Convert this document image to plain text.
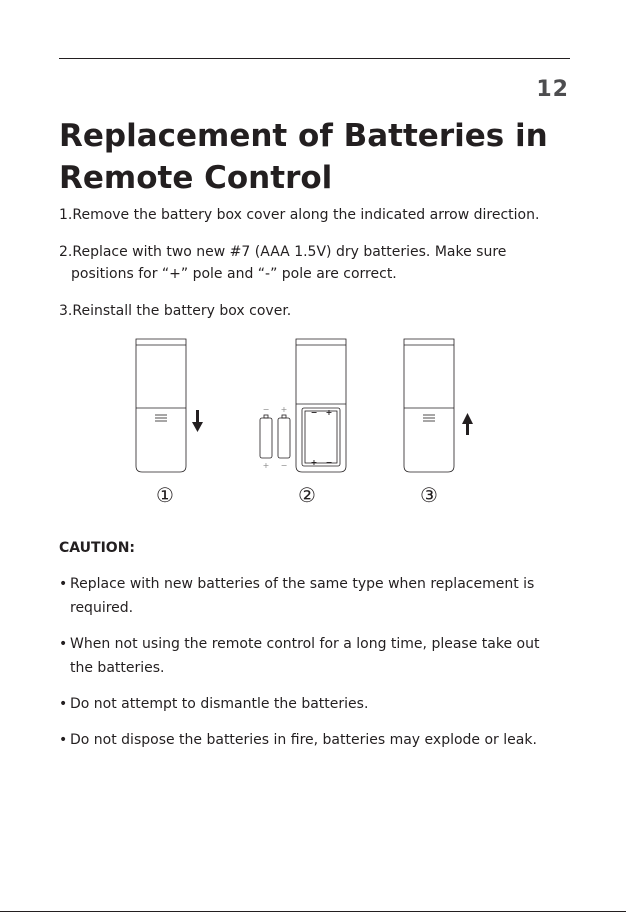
12
Replacement of Batteries in
Remote Control
1.Remove the battery box cover along the indicated arrow direction.
2.Replace with two new #7 (AAA 1.5V) dry batteries. Make sure positions for “+” pole and “-” pole are correct.
3.Reinstall the battery box cover.
− +
+ −
− +
+ −
①	②	③
CAUTION:
• Replace with new batteries of the same type when replacement is required.
• When not using the remote control for a long time, please take out the batteries.
• Do not attempt to dismantle the batteries.
• Do not dispose the batteries in fire, batteries may explode or leak.
